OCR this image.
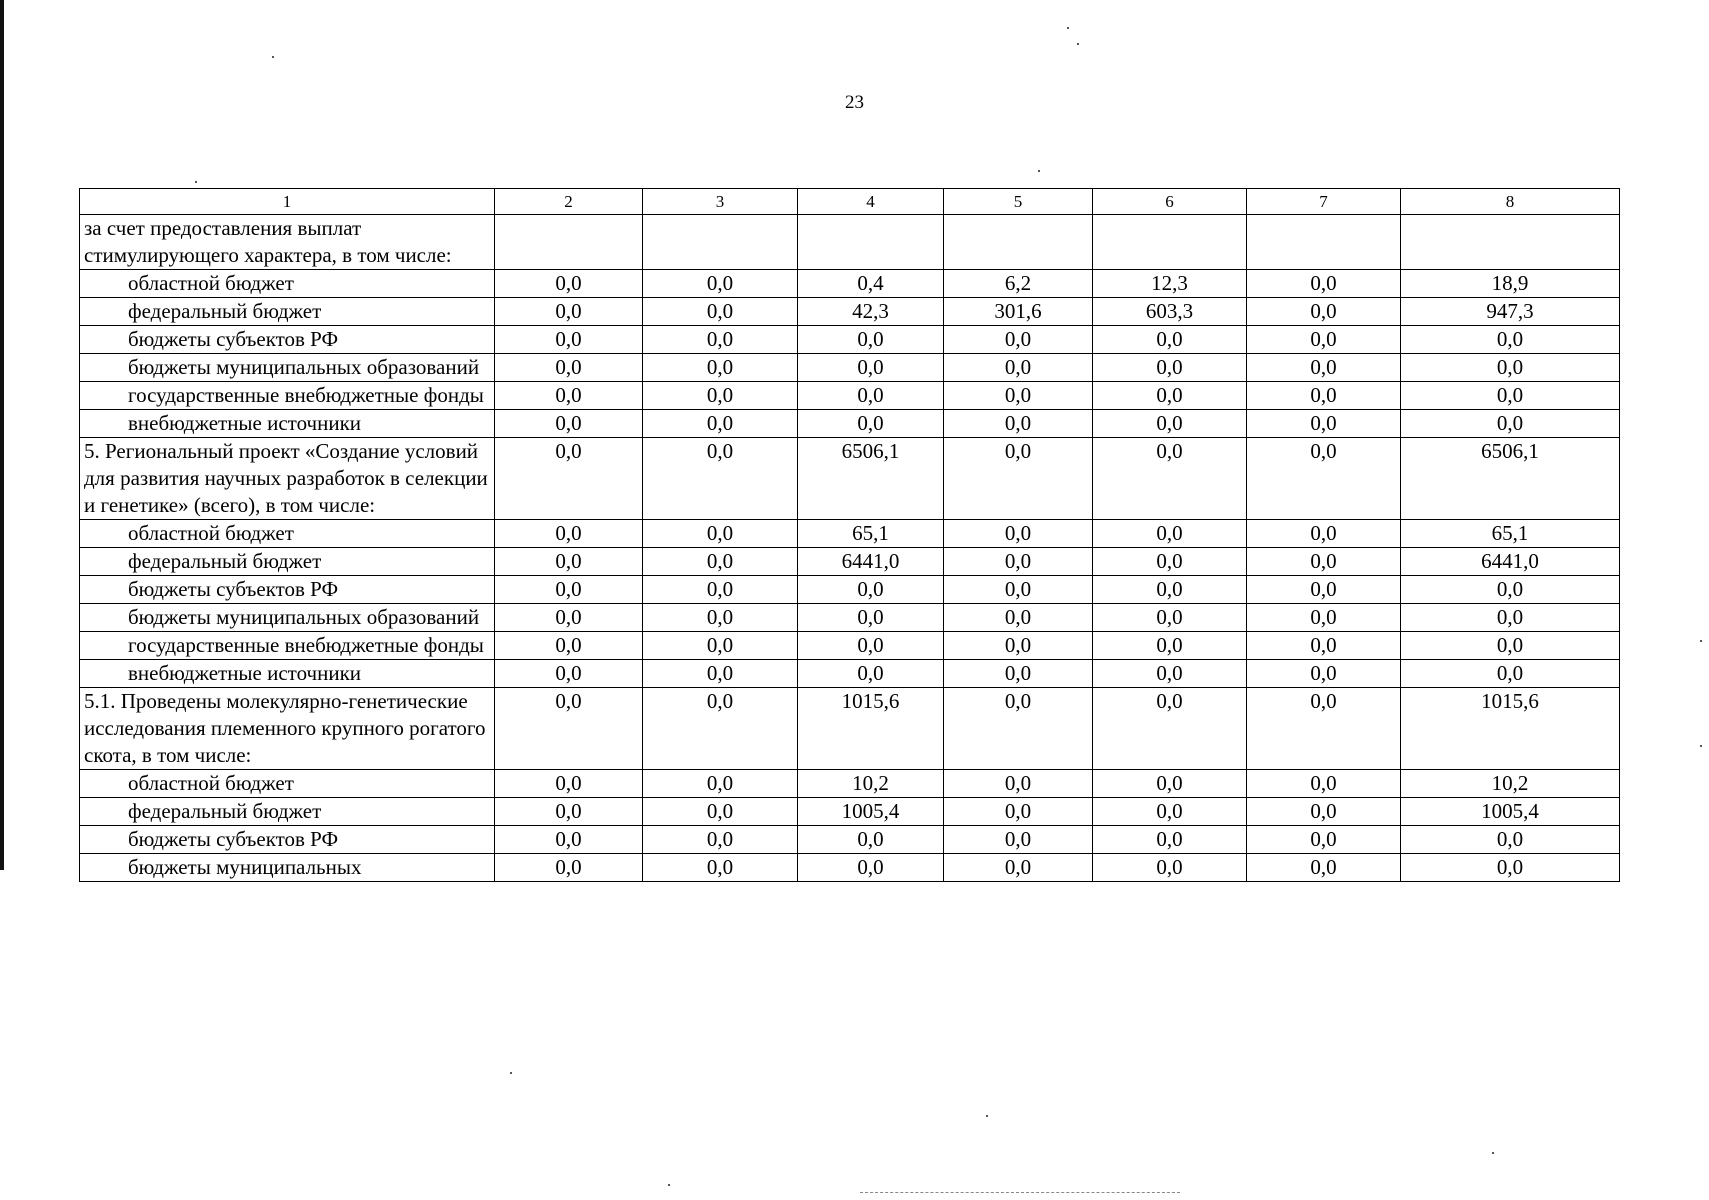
23
1	2	3	4	5	6	7	8
за счет предоставления выплат стимулирующего характера, в том числе:							
областной бюджет	0,0	0,0	0,4	6,2	12,3	0,0	18,9
федеральный бюджет	0,0	0,0	42,3	301,6	603,3	0,0	947,3
бюджеты субъектов РФ	0,0	0,0	0,0	0,0	0,0	0,0	0,0
бюджеты муниципальных образований	0,0	0,0	0,0	0,0	0,0	0,0	0,0
государственные внебюджетные фонды	0,0	0,0	0,0	0,0	0,0	0,0	0,0
внебюджетные источники	0,0	0,0	0,0	0,0	0,0	0,0	0,0
5. Региональный проект «Создание условий для развития научных разработок в селекции и генетике» (всего), в том числе:	0,0	0,0	6506,1	0,0	0,0	0,0	6506,1
областной бюджет	0,0	0,0	65,1	0,0	0,0	0,0	65,1
федеральный бюджет	0,0	0,0	6441,0	0,0	0,0	0,0	6441,0
бюджеты субъектов РФ	0,0	0,0	0,0	0,0	0,0	0,0	0,0
бюджеты муниципальных образований	0,0	0,0	0,0	0,0	0,0	0,0	0,0
государственные внебюджетные фонды	0,0	0,0	0,0	0,0	0,0	0,0	0,0
внебюджетные источники	0,0	0,0	0,0	0,0	0,0	0,0	0,0
5.1. Проведены молекулярно-генетические исследования племенного крупного рогатого скота, в том числе:	0,0	0,0	1015,6	0,0	0,0	0,0	1015,6
областной бюджет	0,0	0,0	10,2	0,0	0,0	0,0	10,2
федеральный бюджет	0,0	0,0	1005,4	0,0	0,0	0,0	1005,4
бюджеты субъектов РФ	0,0	0,0	0,0	0,0	0,0	0,0	0,0
бюджеты муниципальных	0,0	0,0	0,0	0,0	0,0	0,0	0,0
